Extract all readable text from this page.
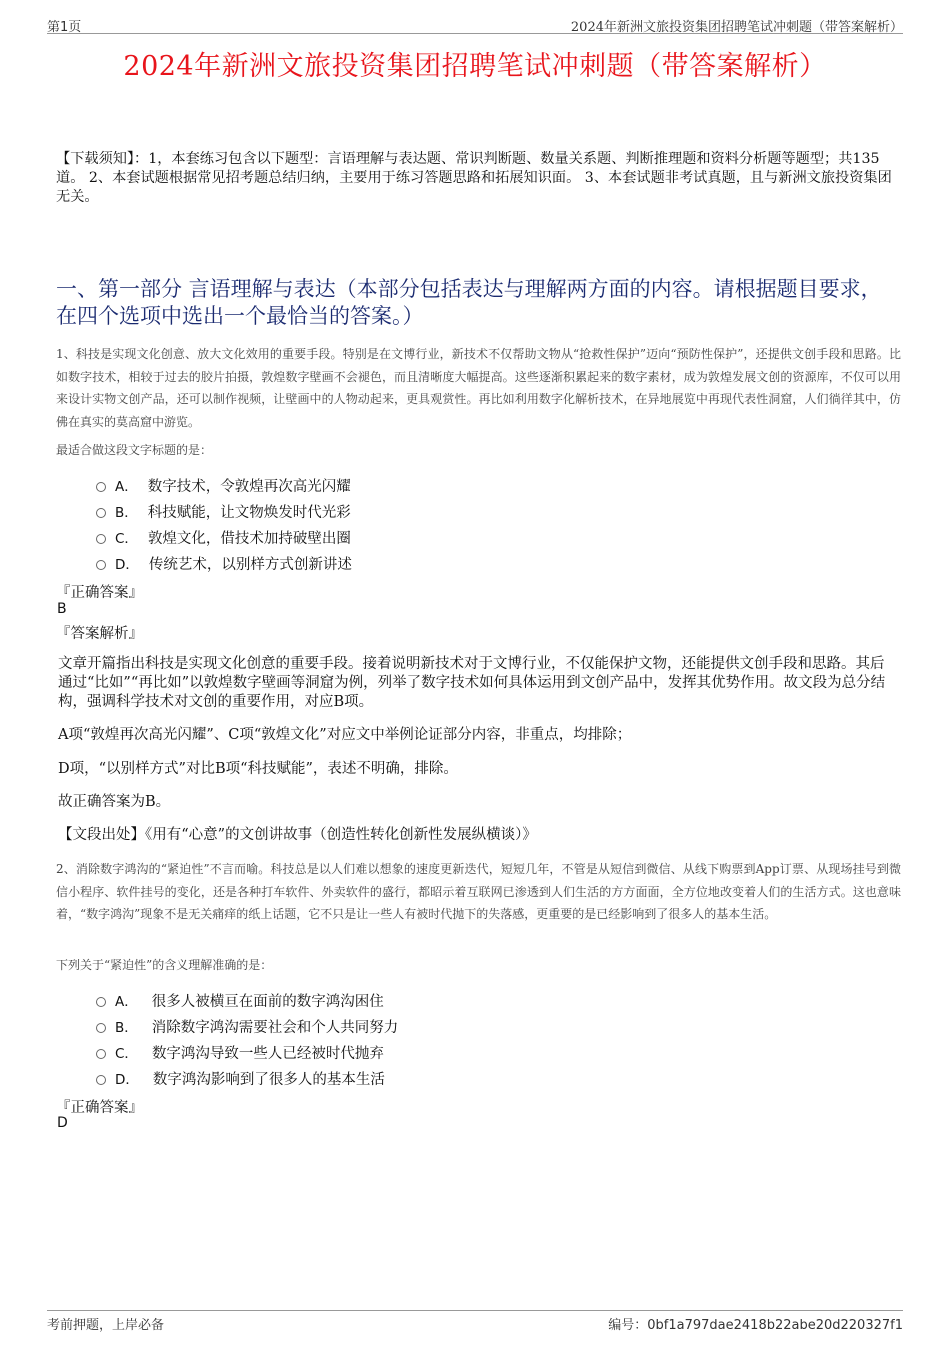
第1页	2024年新洲文旅投资集团招聘笔试冲刺题（带答案解析）
2024年新洲文旅投资集团招聘笔试冲刺题（带答案解析）
【下载须知】：1，本套练习包含以下题型：言语理解与表达题、常识判断题、数量关系题、判断推理题和资料分析题等题型；共135道。 2、本套试题根据常见招考题总结归纳，主要用于练习答题思路和拓展知识面。 3、本套试题非考试真题，且与新洲文旅投资集团无关。
一、第一部分 言语理解与表达（本部分包括表达与理解两方面的内容。请根据题目要求，在四个选项中选出一个最恰当的答案。）
1、科技是实现文化创意、放大文化效用的重要手段。特别是在文博行业，新技术不仅帮助文物从“抢救性保护”迈向“预防性保护”，还提供文创手段和思路。比如数字技术，相较于过去的胶片拍摄，敦煌数字壁画不会褪色，而且清晰度大幅提高。这些逐渐积累起来的数字素材，成为敦煌发展文创的资源库，不仅可以用来设计实物文创产品，还可以制作视频，让壁画中的人物动起来，更具观赏性。再比如利用数字化解析技术，在异地展览中再现代表性洞窟，人们徜徉其中，仿佛在真实的莫高窟中游览。
最适合做这段文字标题的是：
A． 数字技术，令敦煌再次高光闪耀
B． 科技赋能，让文物焕发时代光彩
C． 敦煌文化，借技术加持破壁出圈
D． 传统艺术，以别样方式创新讲述
『正确答案』
B
『答案解析』
文章开篇指出科技是实现文化创意的重要手段。接着说明新技术对于文博行业，不仅能保护文物，还能提供文创手段和思路。其后通过“比如”“再比如”以敦煌数字壁画等洞窟为例，列举了数字技术如何具体运用到文创产品中，发挥其优势作用。故文段为总分结构，强调科学技术对文创的重要作用，对应B项。
A项“敦煌再次高光闪耀”、C项“敦煌文化”对应文中举例论证部分内容，非重点，均排除；
D项，“以别样方式”对比B项“科技赋能”，表述不明确，排除。
故正确答案为B。
【文段出处】《用有“心意”的文创讲故事（创造性转化创新性发展纵横谈）》
2、消除数字鸿沟的“紧迫性”不言而喻。科技总是以人们难以想象的速度更新迭代，短短几年，不管是从短信到微信、从线下购票到App订票、从现场挂号到微信小程序、软件挂号的变化，还是各种打车软件、外卖软件的盛行，都昭示着互联网已渗透到人们生活的方方面面，全方位地改变着人们的生活方式。这也意味着，“数字鸿沟”现象不是无关痛痒的纸上话题，它不只是让一些人有被时代抛下的失落感，更重要的是已经影响到了很多人的基本生活。
下列关于“紧迫性”的含义理解准确的是：
A． 很多人被横亘在面前的数字鸿沟困住
B． 消除数字鸿沟需要社会和个人共同努力
C． 数字鸿沟导致一些人已经被时代抛弃
D． 数字鸿沟影响到了很多人的基本生活
『正确答案』
D
考前押题，上岸必备	编号：0bf1a797dae2418b22abe20d220327f1
